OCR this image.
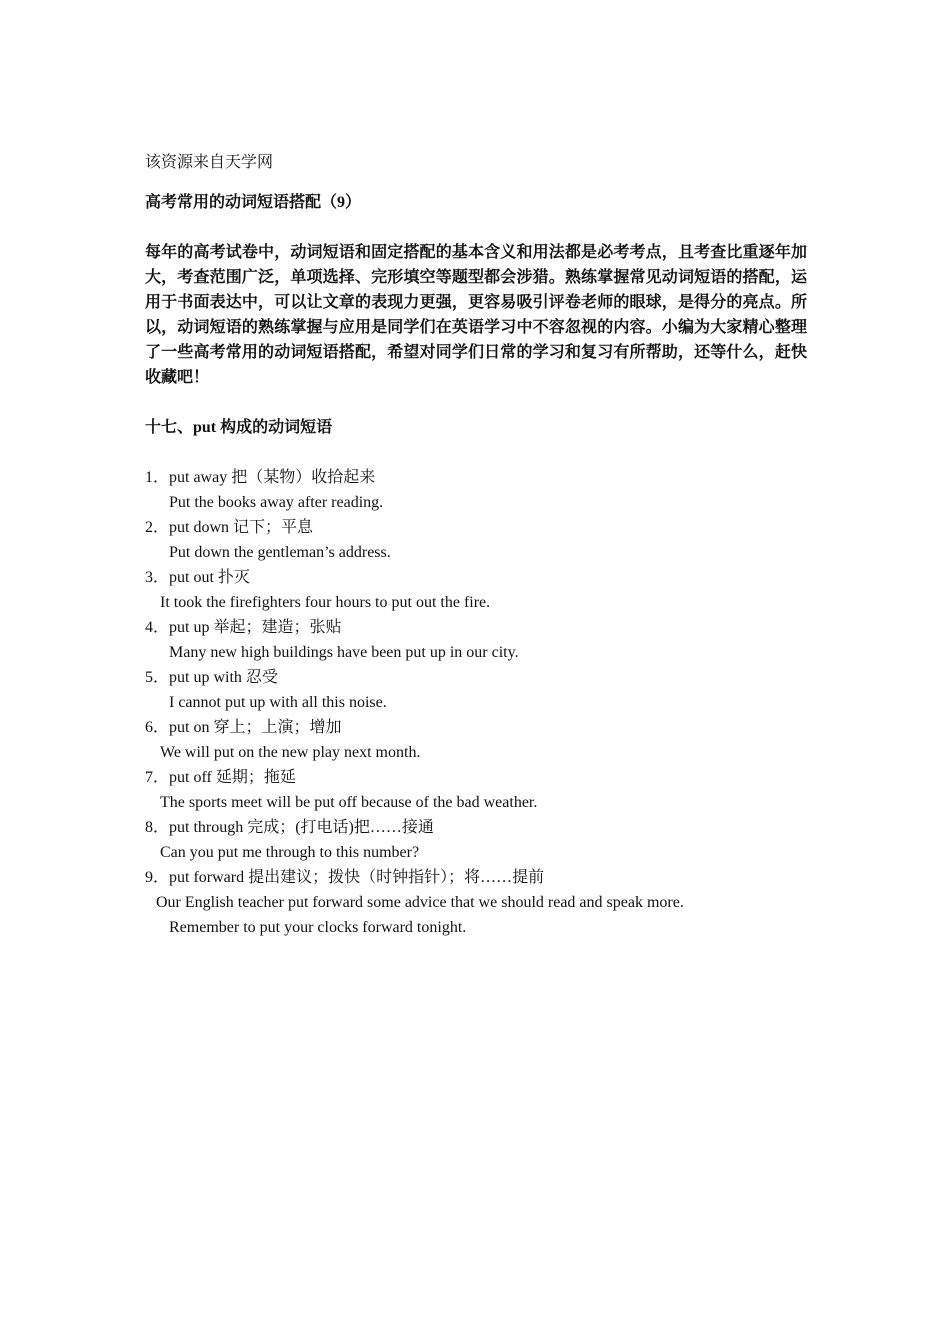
该资源来自天学网
高考常用的动词短语搭配（9）
每年的高考试卷中，动词短语和固定搭配的基本含义和用法都是必考考点，且考查比重逐年加大，考查范围广泛，单项选择、完形填空等题型都会涉猎。熟练掌握常见动词短语的搭配，运用于书面表达中，可以让文章的表现力更强，更容易吸引评卷老师的眼球，是得分的亮点。所以，动词短语的熟练掌握与应用是同学们在英语学习中不容忽视的内容。小编为大家精心整理了一些高考常用的动词短语搭配，希望对同学们日常的学习和复习有所帮助，还等什么，赶快收藏吧！
十七、put 构成的动词短语
1．put away 把（某物）收拾起来
Put the books away after reading.
2．put down 记下；平息
Put down the gentleman’s address.
3．put out 扑灭
It took the firefighters four hours to put out the fire.
4．put up 举起；建造；张贴
Many new high buildings have been put up in our city.
5．put up with 忍受
I cannot put up with all this noise.
6．put on 穿上；上演；增加
We will put on the new play next month.
7．put off 延期；拖延
The sports meet will be put off because of the bad weather.
8．put through 完成；(打电话)把……接通
Can you put me through to this number?
9．put forward 提出建议；拨快（时钟指针）；将……提前
Our English teacher put forward some advice that we should read and speak more.
Remember to put your clocks forward tonight.
